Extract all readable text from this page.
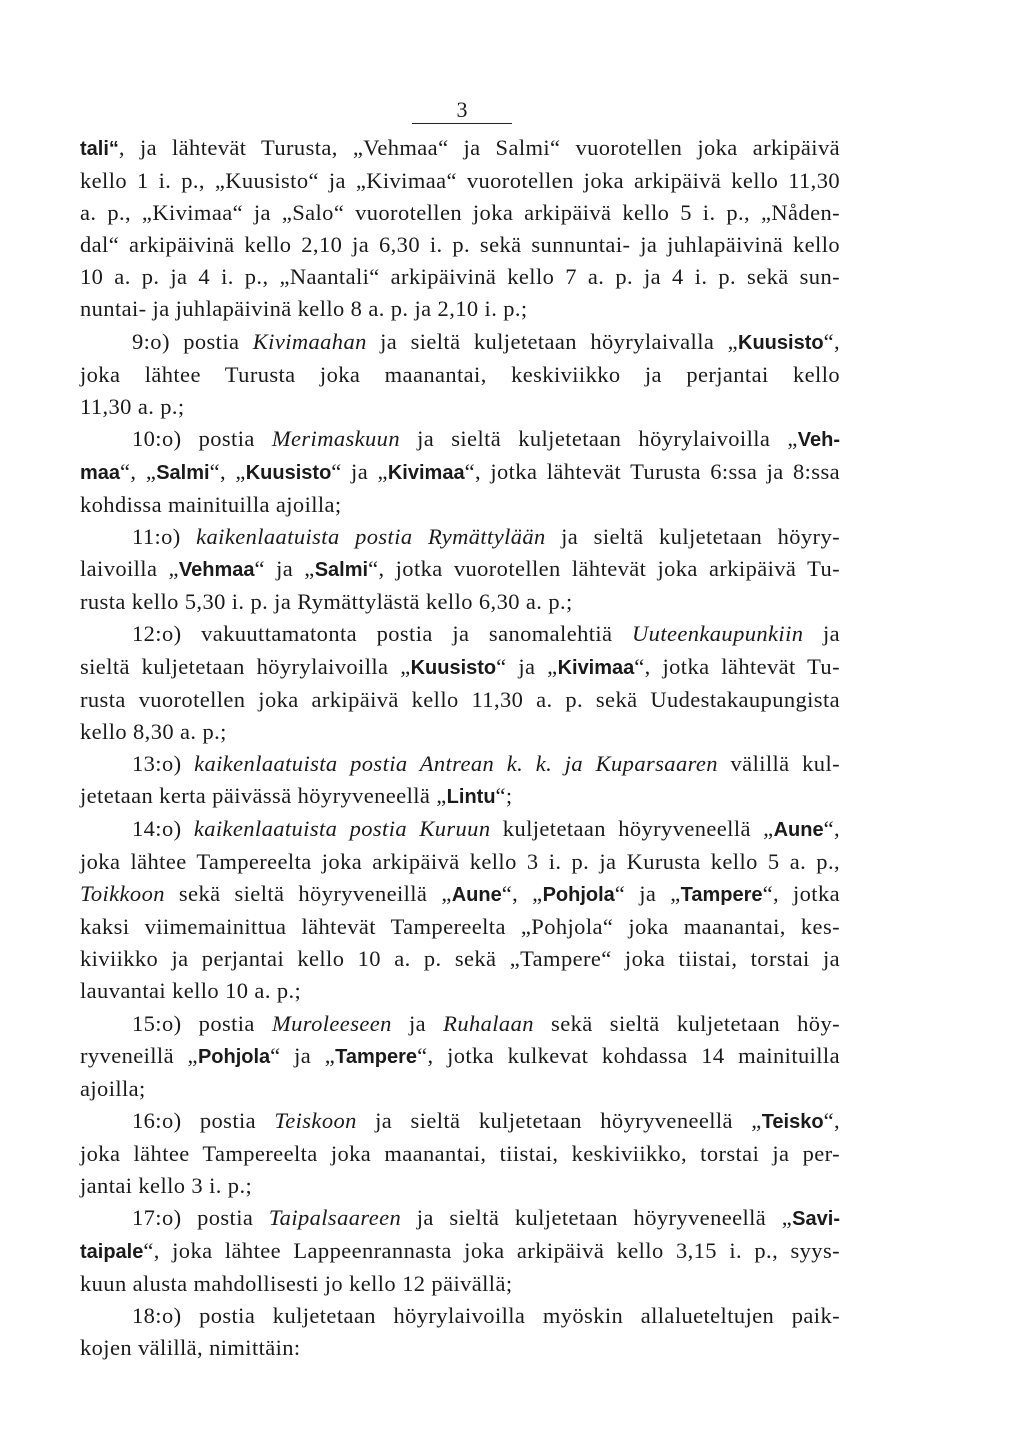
3
tali“, ja lähtevät Turusta, „Vehmaa“ ja Salmi“ vuorotellen joka arkipäivä
kello 1 i. p., „Kuusisto“ ja „Kivimaa“ vuorotellen joka arkipäivä kello 11,30
a. p., „Kivimaa“ ja „Salo“ vuorotellen joka arkipäivä kello 5 i. p., „Nåden-
dal“ arkipäivinä kello 2,10 ja 6,30 i. p. sekä sunnuntai- ja juhlapäivinä kello
10 a. p. ja 4 i. p., „Naantali“ arkipäivinä kello 7 a. p. ja 4 i. p. sekä sun-
nuntai- ja juhlapäivinä kello 8 a. p. ja 2,10 i. p.;
9:o) postia Kivimaahan ja sieltä kuljetetaan höyrylaivalla „Kuusisto“,
joka lähtee Turusta joka maanantai, keskiviikko ja perjantai kello
11,30 a. p.;
10:o) postia Merimaskuun ja sieltä kuljetetaan höyrylaivoilla „Veh-
maa“, „Salmi“, „Kuusisto“ ja „Kivimaa“, jotka lähtevät Turusta 6:ssa ja 8:ssa
kohdissa mainituilla ajoilla;
11:o) kaikenlaatuista postia Rymättylään ja sieltä kuljetetaan höyry-
laivoilla „Vehmaa“ ja „Salmi“, jotka vuorotellen lähtevät joka arkipäivä Tu-
rusta kello 5,30 i. p. ja Rymättylästä kello 6,30 a. p.;
12:o) vakuuttamatonta postia ja sanomalehtiä Uuteenkaupunkiin ja
sieltä kuljetetaan höyrylaivoilla „Kuusisto“ ja „Kivimaa“, jotka lähtevät Tu-
rusta vuorotellen joka arkipäivä kello 11,30 a. p. sekä Uudestakaupungista
kello 8,30 a. p.;
13:o) kaikenlaatuista postia Antrean k. k. ja Kuparsaaren välillä kul-
jetetaan kerta päivässä höyryveneellä „Lintu“;
14:o) kaikenlaatuista postia Kuruun kuljetetaan höyryveneellä „Aune“,
joka lähtee Tampereelta joka arkipäivä kello 3 i. p. ja Kurusta kello 5 a. p.,
Toikkoon sekä sieltä höyryveneillä „Aune“, „Pohjola“ ja „Tampere“, jotka
kaksi viimemainittua lähtevät Tampereelta „Pohjola“ joka maanantai, kes-
kiviikko ja perjantai kello 10 a. p. sekä „Tampere“ joka tiistai, torstai ja
lauvantai kello 10 a. p.;
15:o) postia Muroleeseen ja Ruhalaan sekä sieltä kuljetetaan höy-
ryveneillä „Pohjola“ ja „Tampere“, jotka kulkevat kohdassa 14 mainituilla
ajoilla;
16:o) postia Teiskoon ja sieltä kuljetetaan höyryveneellä „Teisko“,
joka lähtee Tampereelta joka maanantai, tiistai, keskiviikko, torstai ja per-
jantai kello 3 i. p.;
17:o) postia Taipalsaareen ja sieltä kuljetetaan höyryveneellä „Savi-
taipale“, joka lähtee Lappeenrannasta joka arkipäivä kello 3,15 i. p., syys-
kuun alusta mahdollisesti jo kello 12 päivällä;
18:o) postia kuljetetaan höyrylaivoilla myöskin allalueteltujen paik-
kojen välillä, nimittäin:
